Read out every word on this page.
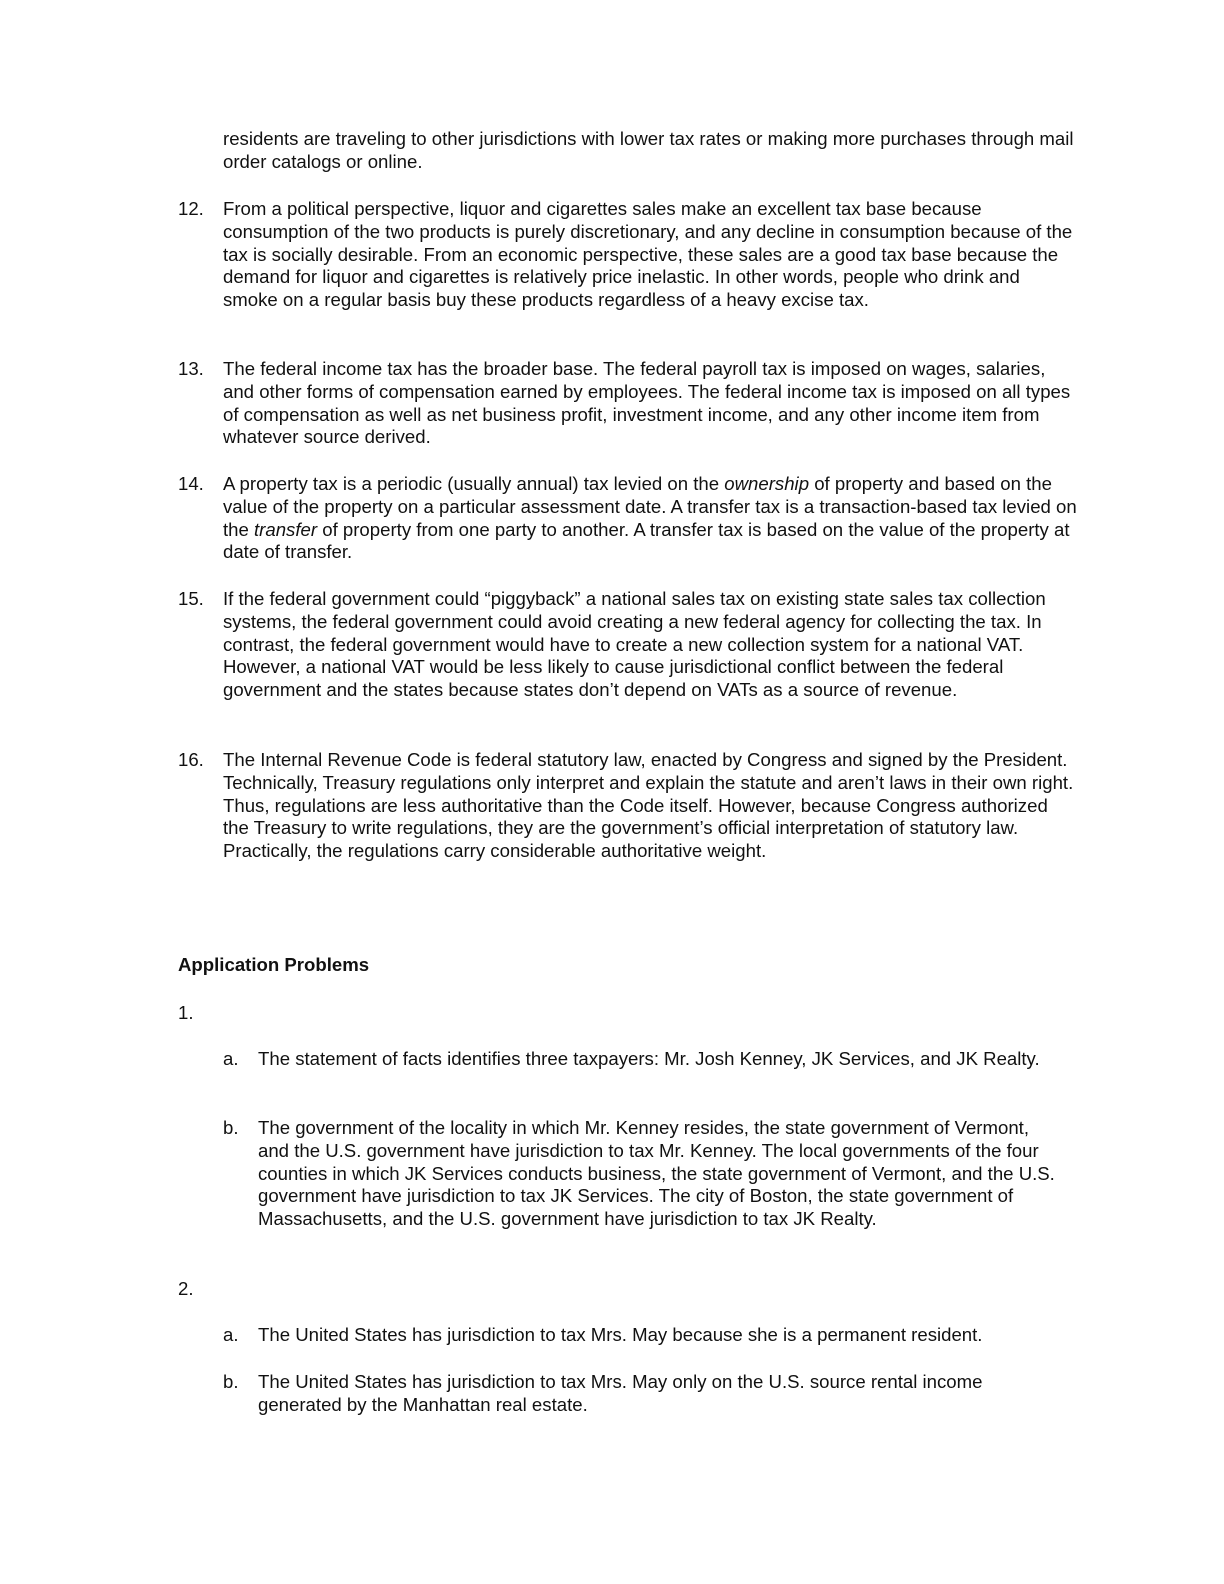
residents are traveling to other jurisdictions with lower tax rates or making more purchases through mail order catalogs or online.

12. From a political perspective, liquor and cigarettes sales make an excellent tax base because consumption of the two products is purely discretionary, and any decline in consumption because of the tax is socially desirable. From an economic perspective, these sales are a good tax base because the demand for liquor and cigarettes is relatively price inelastic. In other words, people who drink and smoke on a regular basis buy these products regardless of a heavy excise tax.

13. The federal income tax has the broader base. The federal payroll tax is imposed on wages, salaries, and other forms of compensation earned by employees. The federal income tax is imposed on all types of compensation as well as net business profit, investment income, and any other income item from whatever source derived.

14. A property tax is a periodic (usually annual) tax levied on the ownership of property and based on the value of the property on a particular assessment date. A transfer tax is a transaction-based tax levied on the transfer of property from one party to another. A transfer tax is based on the value of the property at date of transfer.

15. If the federal government could “piggyback” a national sales tax on existing state sales tax collection systems, the federal government could avoid creating a new federal agency for collecting the tax. In contrast, the federal government would have to create a new collection system for a national VAT. However, a national VAT would be less likely to cause jurisdictional conflict between the federal government and the states because states don’t depend on VATs as a source of revenue.

16. The Internal Revenue Code is federal statutory law, enacted by Congress and signed by the President. Technically, Treasury regulations only interpret and explain the statute and aren’t laws in their own right. Thus, regulations are less authoritative than the Code itself. However, because Congress authorized the Treasury to write regulations, they are the government’s official interpretation of statutory law. Practically, the regulations carry considerable authoritative weight.

Application Problems

1.

a. The statement of facts identifies three taxpayers: Mr. Josh Kenney, JK Services, and JK Realty.

b. The government of the locality in which Mr. Kenney resides, the state government of Vermont, and the U.S. government have jurisdiction to tax Mr. Kenney. The local governments of the four counties in which JK Services conducts business, the state government of Vermont, and the U.S. government have jurisdiction to tax JK Services. The city of Boston, the state government of Massachusetts, and the U.S. government have jurisdiction to tax JK Realty.

2.

a. The United States has jurisdiction to tax Mrs. May because she is a permanent resident.

b. The United States has jurisdiction to tax Mrs. May only on the U.S. source rental income generated by the Manhattan real estate.
